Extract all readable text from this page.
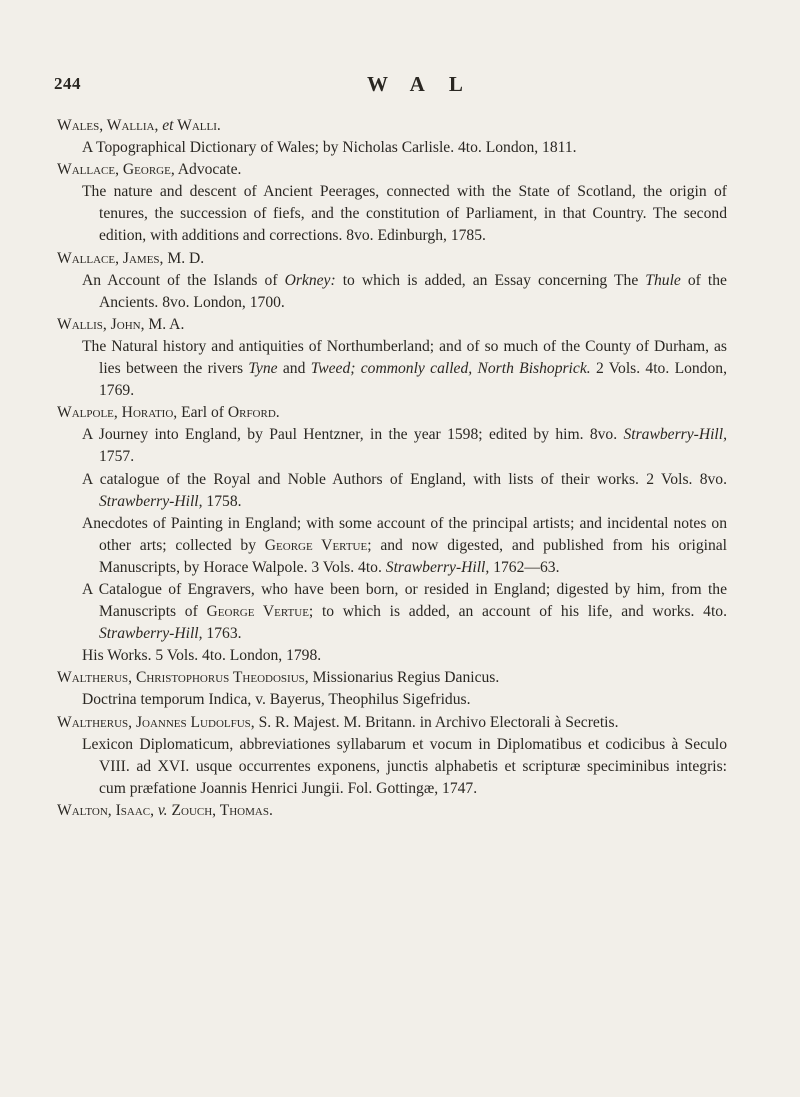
244	WAL

Wales, Wallia, et Walli.

A Topographical Dictionary of Wales; by Nicholas Carlisle. 4to. London, 1811.

Wallace, George, Advocate.

The nature and descent of Ancient Peerages, connected with the State of Scotland, the origin of tenures, the succession of fiefs, and the constitution of Parliament, in that Country. The second edition, with additions and corrections. 8vo. Edinburgh, 1785.

Wallace, James, M. D.

An Account of the Islands of Orkney: to which is added, an Essay concerning The Thule of the Ancients. 8vo. London, 1700.

Wallis, John, M. A.

The Natural history and antiquities of Northumberland; and of so much of the County of Durham, as lies between the rivers Tyne and Tweed; commonly called, North Bishoprick. 2 Vols. 4to. London, 1769.

Walpole, Horatio, Earl of Orford.

A Journey into England, by Paul Hentzner, in the year 1598; edited by him. 8vo. Strawberry-Hill, 1757.

A catalogue of the Royal and Noble Authors of England, with lists of their works. 2 Vols. 8vo. Strawberry-Hill, 1758.

Anecdotes of Painting in England; with some account of the principal artists; and incidental notes on other arts; collected by George Vertue; and now digested, and published from his original Manuscripts, by Horace Walpole. 3 Vols. 4to. Strawberry-Hill, 1762—63.

A Catalogue of Engravers, who have been born, or resided in England; digested by him, from the Manuscripts of George Vertue; to which is added, an account of his life, and works. 4to. Strawberry-Hill, 1763.

His Works. 5 Vols. 4to. London, 1798.

Waltherus, Christophorus Theodosius, Missionarius Regius Danicus.

Doctrina temporum Indica, v. Bayerus, Theophilus Sigefridus.

Waltherus, Joannes Ludolfus, S. R. Majest. M. Britann. in Archivo Electorali à Secretis.

Lexicon Diplomaticum, abbreviationes syllabarum et vocum in Diplomatibus et codicibus à Seculo VIII. ad XVI. usque occurrentes exponens, junctis alphabetis et scripturæ speciminibus integris: cum præfatione Joannis Henrici Jungii. Fol. Gottingæ, 1747.

Walton, Isaac, v. Zouch, Thomas.
